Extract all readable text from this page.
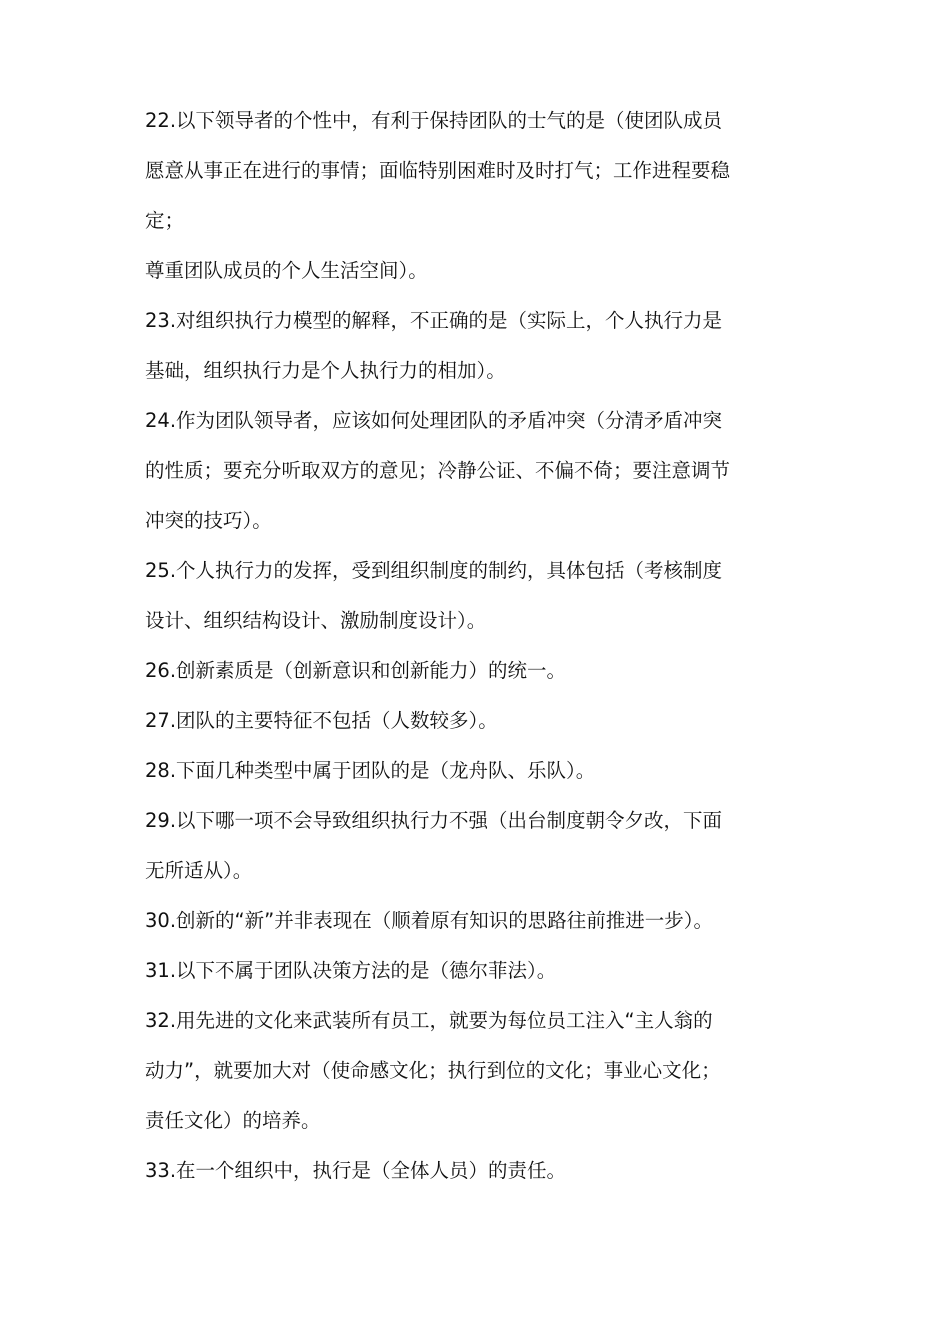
22.以下领导者的个性中，有利于保持团队的士气的是（使团队成员
愿意从事正在进行的事情；面临特别困难时及时打气；工作进程要稳
定；
尊重团队成员的个人生活空间）。
23.对组织执行力模型的解释，不正确的是（实际上，个人执行力是
基础，组织执行力是个人执行力的相加）。
24.作为团队领导者，应该如何处理团队的矛盾冲突（分清矛盾冲突
的性质；要充分听取双方的意见；冷静公证、不偏不倚；要注意调节
冲突的技巧）。
25.个人执行力的发挥，受到组织制度的制约，具体包括（考核制度
设计、组织结构设计、激励制度设计）。
26.创新素质是（创新意识和创新能力）的统一。
27.团队的主要特征不包括（人数较多）。
28.下面几种类型中属于团队的是（龙舟队、乐队）。
29.以下哪一项不会导致组织执行力不强（出台制度朝令夕改，下面
无所适从）。
30.创新的“新”并非表现在（顺着原有知识的思路往前推进一步）。
31.以下不属于团队决策方法的是（德尔菲法）。
32.用先进的文化来武装所有员工，就要为每位员工注入“主人翁的
动力”，就要加大对（使命感文化；执行到位的文化；事业心文化；
责任文化）的培养。
33.在一个组织中，执行是（全体人员）的责任。
